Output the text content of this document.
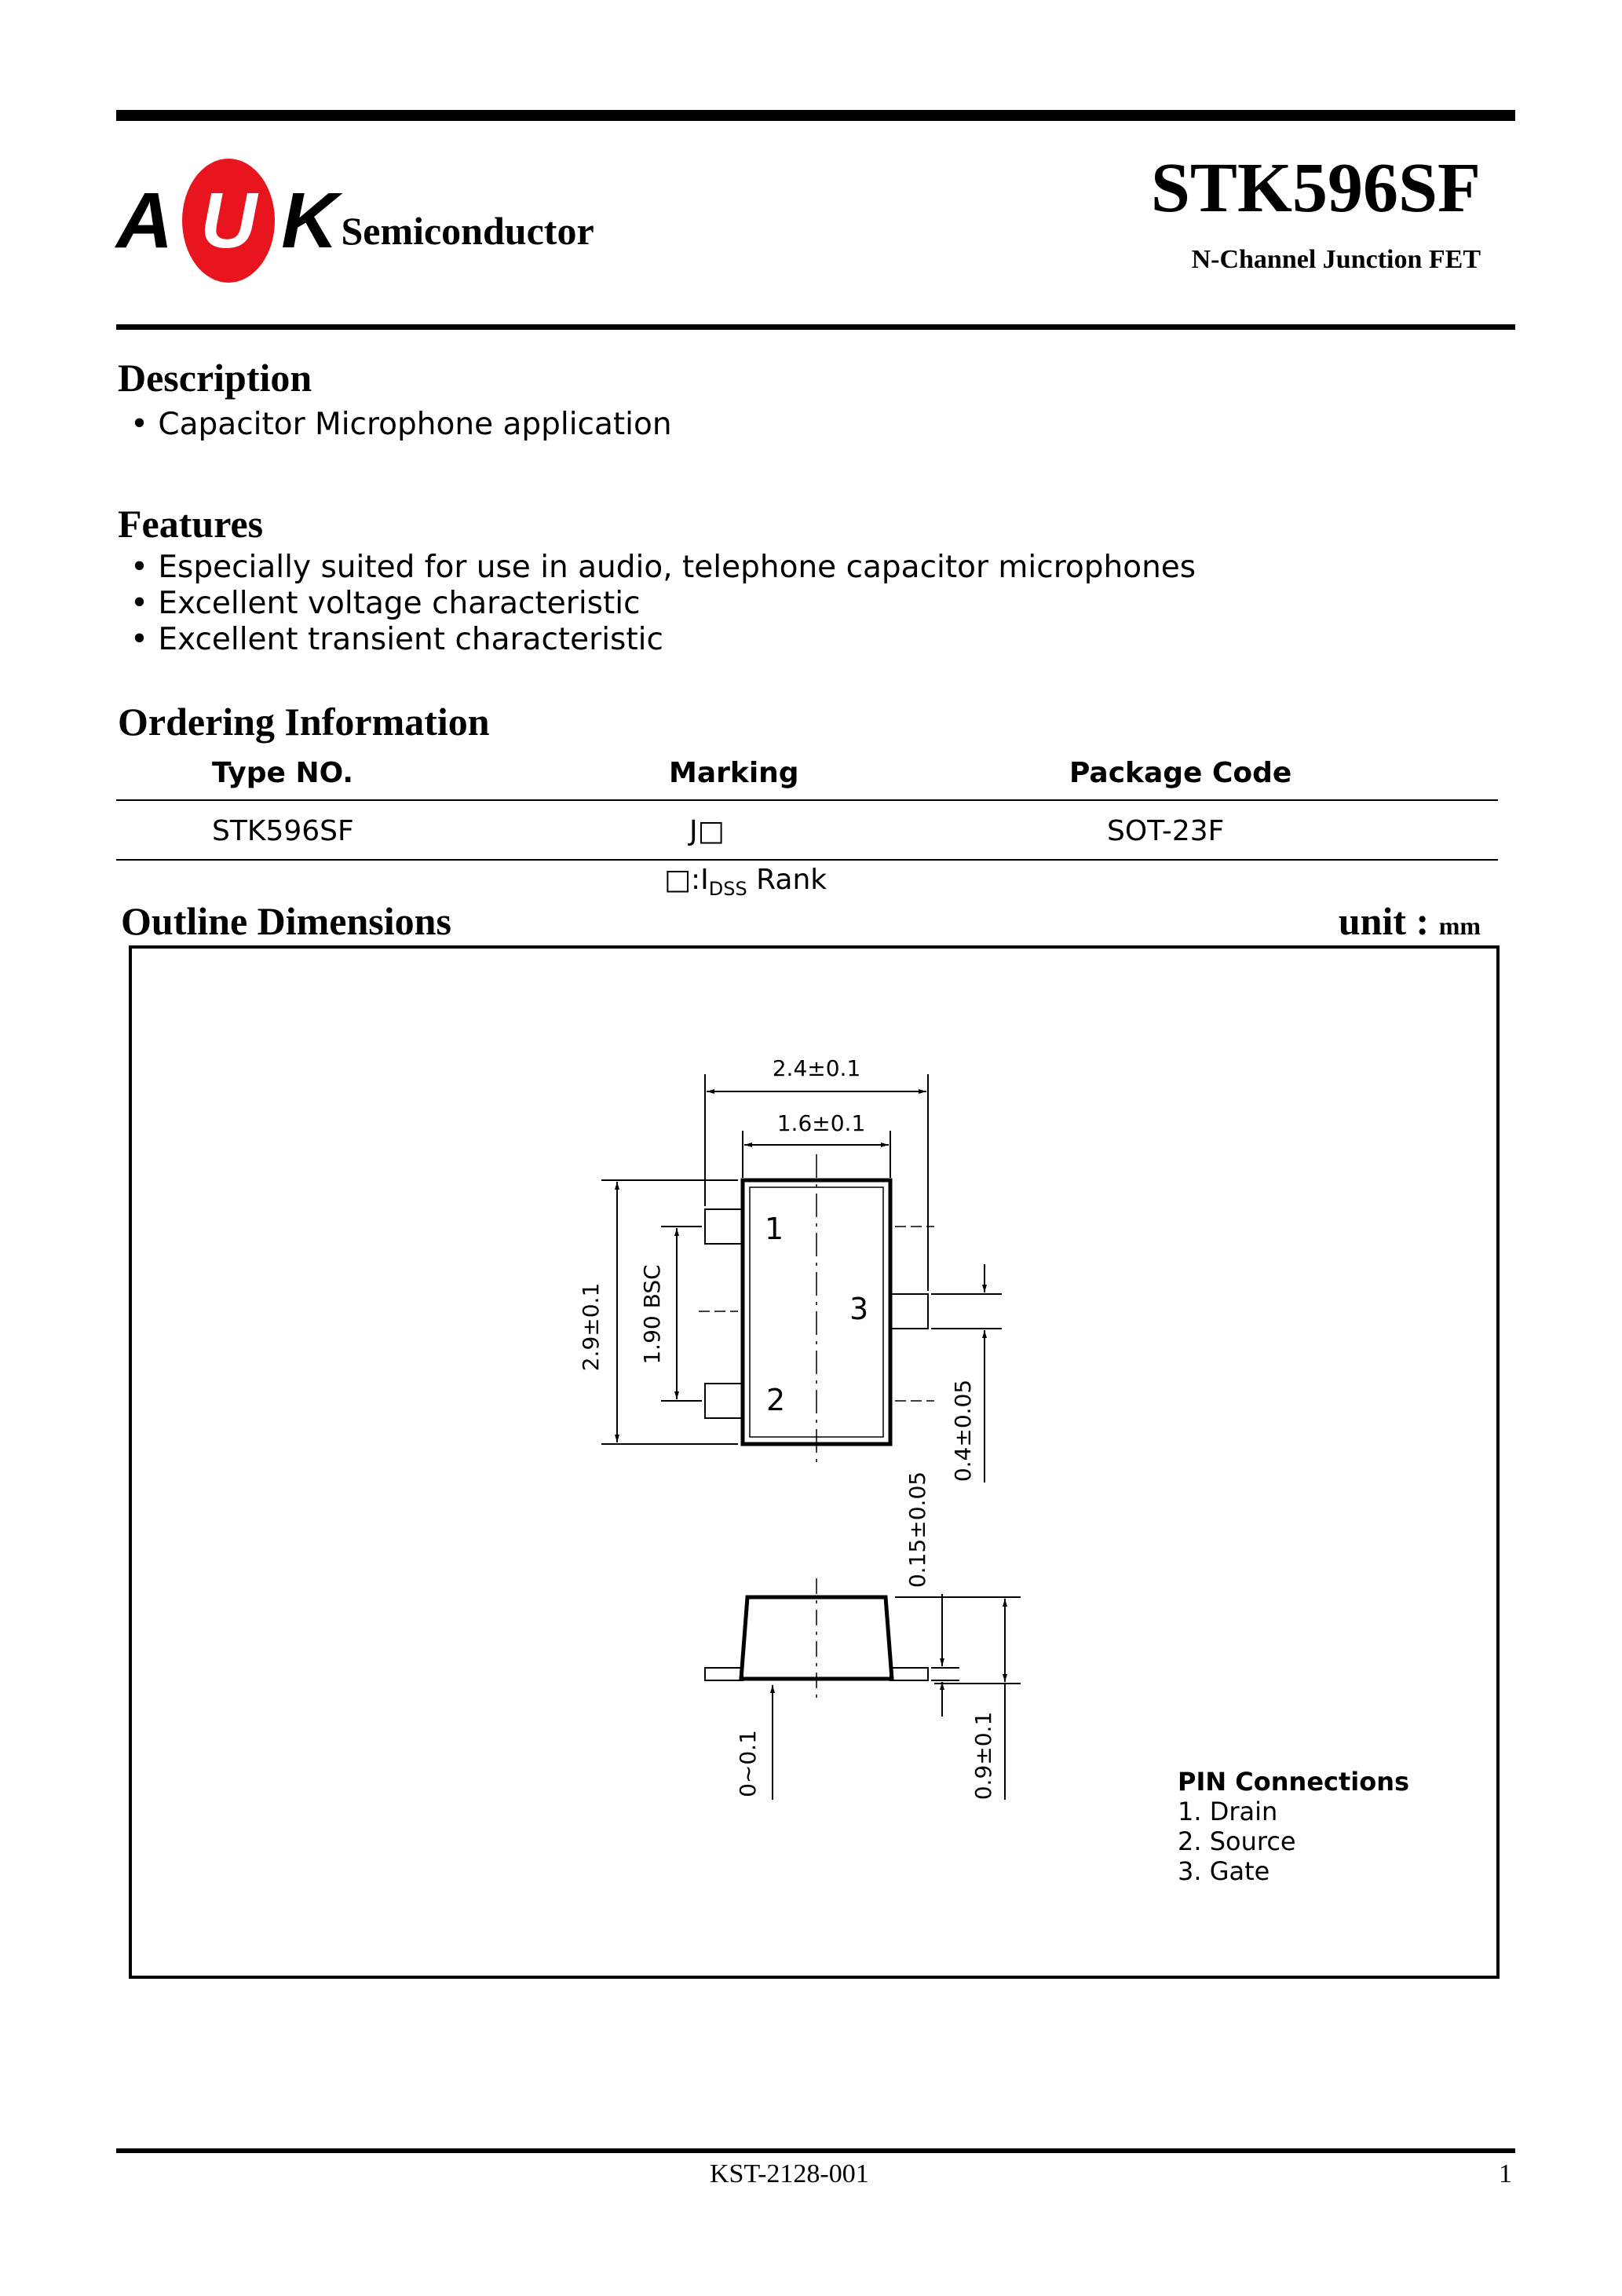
A U K Semiconductor
STK596SF
N-Channel Junction FET
Description
• Capacitor Microphone application
Features
• Especially suited for use in audio, telephone capacitor microphones
• Excellent voltage characteristic
• Excellent transient characteristic
Ordering Information
Type NO.	Marking	Package Code
STK596SF	J□	SOT-23F
$□:I_{DSS}$ Rank
Outline Dimensions	unit : mm
2.4±0.1
1.6±0.1
2.9±0.1 1.90 BSC
0.4±0.05
0.15±0.05
0~0.1	0.9±0.1
1
2
3
PIN Connections
1. Drain
2. Source
3. Gate
KST-2128-001	1
